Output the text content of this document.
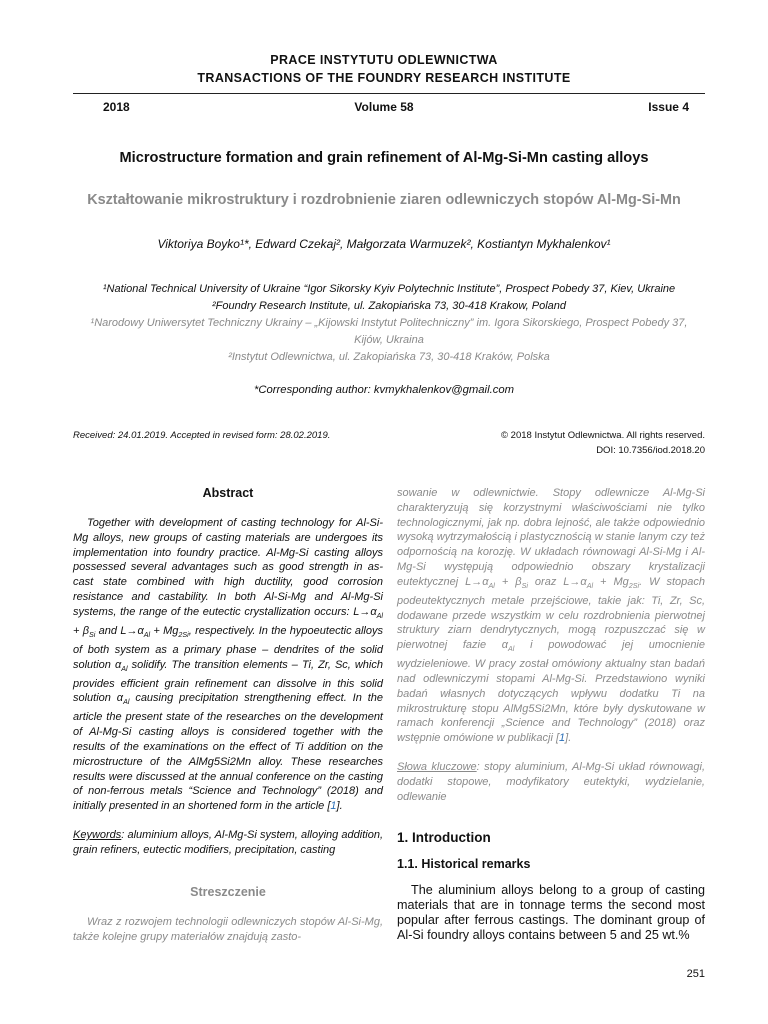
PRACE INSTYTUTU ODLEWNICTWA
TRANSACTIONS OF THE FOUNDRY RESEARCH INSTITUTE
2018	Volume 58	Issue 4
Microstructure formation and grain refinement of Al-Mg-Si-Mn casting alloys
Kształtowanie mikrostruktury i rozdrobnienie ziaren odlewniczych stopów Al-Mg-Si-Mn
Viktoriya Boyko¹*, Edward Czekaj², Małgorzata Warmuzek², Kostiantyn Mykhalenkov¹
¹National Technical University of Ukraine “Igor Sikorsky Kyiv Polytechnic Institute”, Prospect Pobedy 37, Kiev, Ukraine
²Foundry Research Institute, ul. Zakopiańska 73, 30-418 Krakow, Poland
¹Narodowy Uniwersytet Techniczny Ukrainy – „Kijowski Instytut Politechniczny” im. Igora Sikorskiego, Prospect Pobedy 37, Kijów, Ukraina
²Instytut Odlewnictwa, ul. Zakopiańska 73, 30-418 Kraków, Polska
*Corresponding author: kvmykhalenkov@gmail.com
Received: 24.01.2019. Accepted in revised form: 28.02.2019.	© 2018 Instytut Odlewnictwa. All rights reserved.
DOI: 10.7356/iod.2018.20
Abstract

Together with development of casting technology for Al-Si-Mg alloys, new groups of casting materials are undergoes its implementation into foundry practice. Al-Mg-Si casting alloys possessed several advantages such as good strength in as-cast state combined with high ductility, good corrosion resistance and castability. In both Al-Si-Mg and Al-Mg-Si systems, the range of the eutectic crystallization occurs: $L\to\alpha_{Al} + \beta_{Si}$ and $L\to\alpha_{Al} + Mg_{2Si}$, respectively. In the hypoeutectic alloys of both system as a primary phase – dendrites of the solid solution $\alpha_{Al}$ solidify. The transition elements – Ti, Zr, Sc, which provides efficient grain refinement can dissolve in this solid solution $\alpha_{Al}$ causing precipitation strengthening effect. In the article the present state of the researches on the development of Al-Mg-Si casting alloys is considered together with the results of the examinations on the effect of Ti addition on the microstructure of the AlMg5Si2Mn alloy. These researches results were discussed at the annual conference on the casting of non-ferrous metals “Science and Technology” (2018) and initially presented in an shortened form in the article [1].

Keywords: aluminium alloys, Al-Mg-Si system, alloying addition, grain refiners, eutectic modifiers, precipitation, casting

Streszczenie

Wraz z rozwojem technologii odlewniczych stopów Al-Si-Mg, także kolejne grupy materiałów znajdują zasto-

sowanie w odlewnictwie. Stopy odlewnicze Al-Mg-Si charakteryzują się korzystnymi właściwościami nie tylko technologicznymi, jak np. dobra lejność, ale także odpowiednio wysoką wytrzymałością i plastycznością w stanie lanym czy też odpornością na korozję. W układach równowagi Al-Si-Mg i Al-Mg-Si występują odpowiednio obszary krystalizacji eutektycznej $L\to\alpha_{Al} + \beta_{Si}$ oraz $L\to\alpha_{Al} + Mg_{2Si}$. W stopach podeutektycznych metale przejściowe, takie jak: Ti, Zr, Sc, dodawane przede wszystkim w celu rozdrobnienia pierwotnej struktury ziarn dendrytycznych, mogą rozpuszczać się w pierwotnej fazie $\alpha_{Al}$ i powodować jej umocnienie wydzieleniowe. W pracy został omówiony aktualny stan badań nad odlewniczymi stopami Al-Mg-Si. Przedstawiono wyniki badań własnych dotyczących wpływu dodatku Ti na mikrostrukturę stopu AlMg5Si2Mn, które były dyskutowane w ramach konferencji „Science and Technology” (2018) oraz wstępnie omówione w publikacji [1].

Słowa kluczowe: stopy aluminium, Al-Mg-Si układ równowagi, dodatki stopowe, modyfikatory eutektyki, wydzielanie, odlewanie

1. Introduction
1.1. Historical remarks

The aluminium alloys belong to a group of casting materials that are in tonnage terms the second most popular after ferrous castings. The dominant group of Al-Si foundry alloys contains between 5 and 25 wt.%

251
